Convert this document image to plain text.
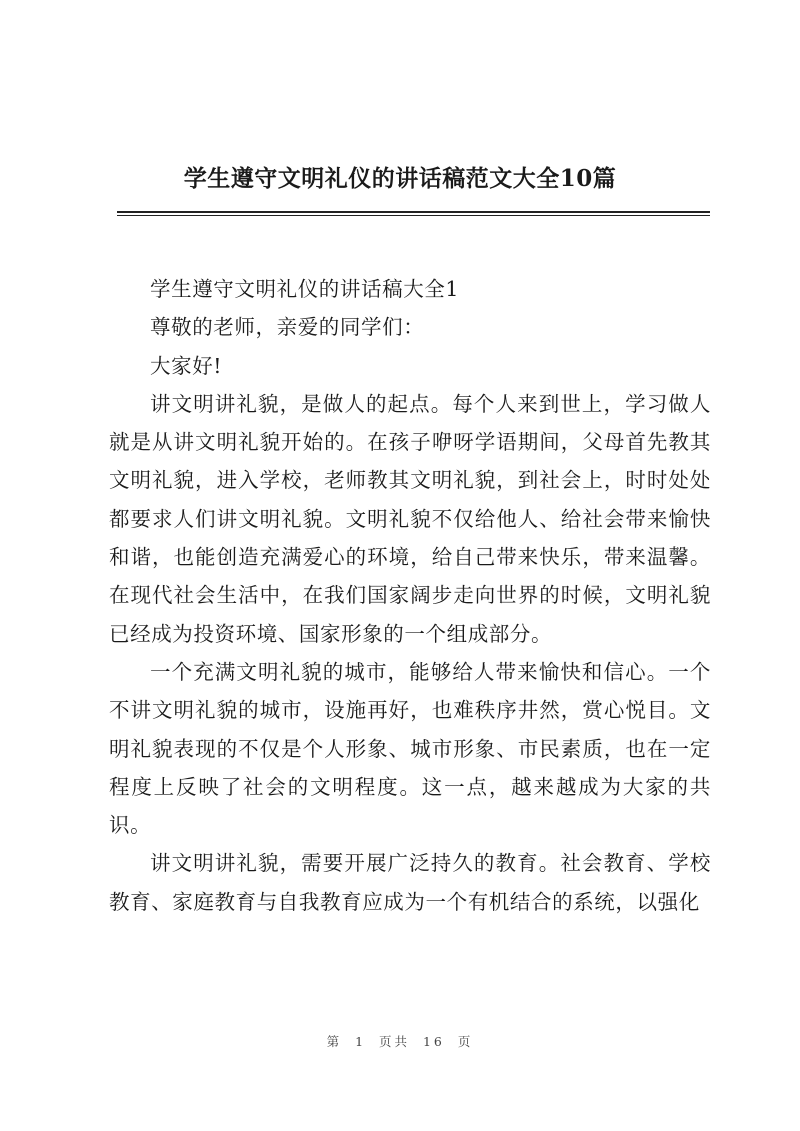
学生遵守文明礼仪的讲话稿范文大全10篇

学生遵守文明礼仪的讲话稿大全1

尊敬的老师，亲爱的同学们：

大家好!

讲文明讲礼貌，是做人的起点。每个人来到世上，学习做人就是从讲文明礼貌开始的。在孩子咿呀学语期间，父母首先教其文明礼貌，进入学校，老师教其文明礼貌，到社会上，时时处处都要求人们讲文明礼貌。文明礼貌不仅给他人、给社会带来愉快和谐，也能创造充满爱心的环境，给自己带来快乐，带来温馨。在现代社会生活中，在我们国家阔步走向世界的时候，文明礼貌已经成为投资环境、国家形象的一个组成部分。

一个充满文明礼貌的城市，能够给人带来愉快和信心。一个不讲文明礼貌的城市，设施再好，也难秩序井然，赏心悦目。文明礼貌表现的不仅是个人形象、城市形象、市民素质，也在一定程度上反映了社会的文明程度。这一点，越来越成为大家的共识。

讲文明讲礼貌，需要开展广泛持久的教育。社会教育、学校教育、家庭教育与自我教育应成为一个有机结合的系统，以强化

第 1 页共 16 页
